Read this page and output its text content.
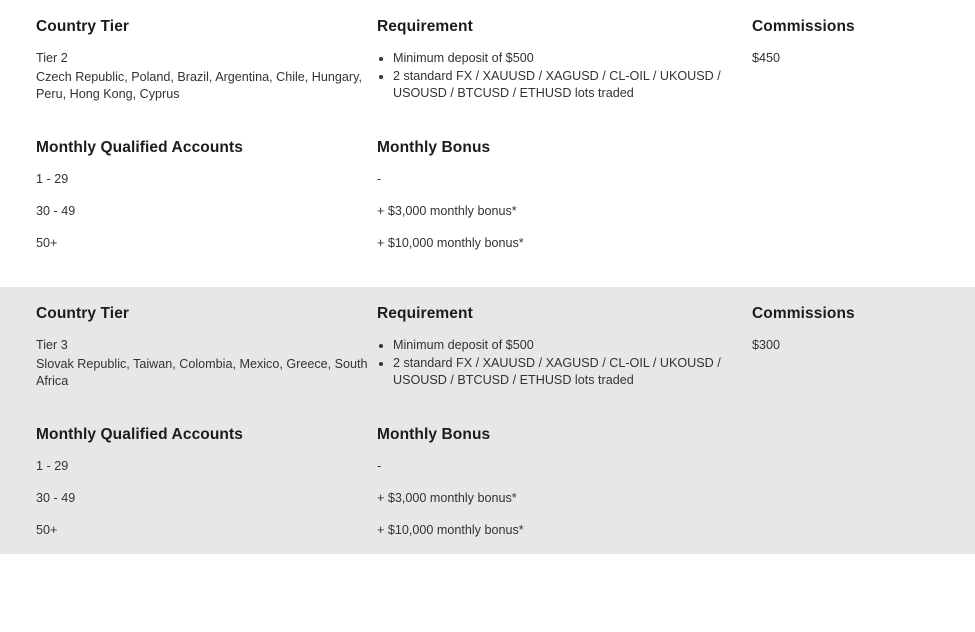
Country Tier

Tier 2

Czech Republic, Poland, Brazil, Argentina, Chile, Hungary, Peru, Hong Kong, Cyprus

Requirement
• Minimum deposit of $500
• 2 standard FX / XAUUSD / XAGUSD / CL-OIL / UKOUSD / USOUSD / BTCUSD / ETHUSD lots traded
Commissions
$450
Monthly Qualified Accounts
1 - 29
30 - 49
50+
Monthly Bonus
-
+ $3,000 monthly bonus*
+ $10,000 monthly bonus*
Country Tier

Tier 3

Slovak Republic, Taiwan, Colombia, Mexico, Greece, South Africa

Requirement
• Minimum deposit of $500
• 2 standard FX / XAUUSD / XAGUSD / CL-OIL / UKOUSD / USOUSD / BTCUSD / ETHUSD lots traded
Commissions
$300
Monthly Qualified Accounts
1 - 29
30 - 49
50+
Monthly Bonus
-
+ $3,000 monthly bonus*
+ $10,000 monthly bonus*
